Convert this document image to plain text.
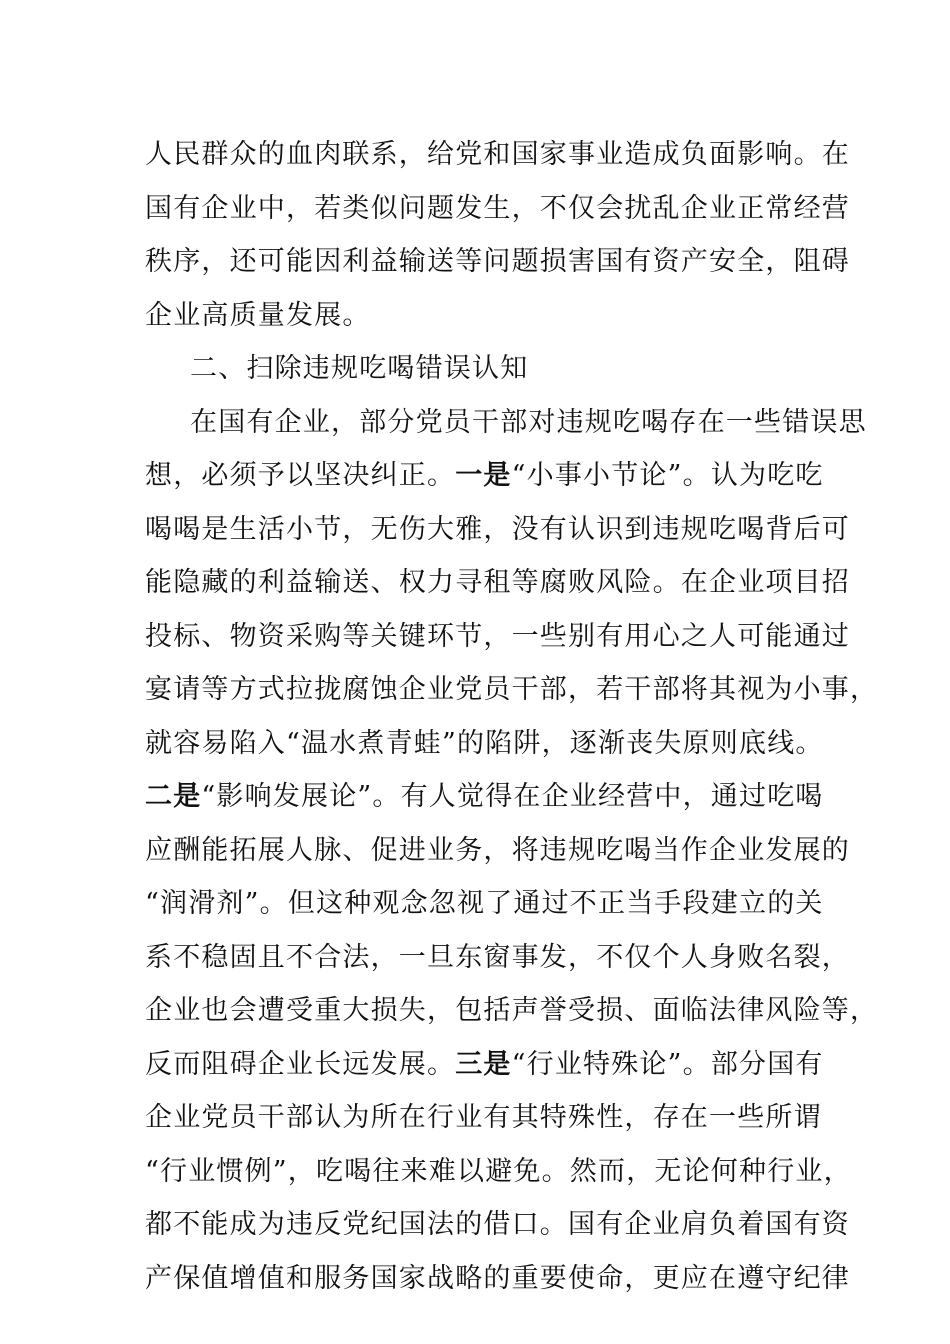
人民群众的血肉联系，给党和国家事业造成负面影响。在
国有企业中，若类似问题发生，不仅会扰乱企业正常经营
秩序，还可能因利益输送等问题损害国有资产安全，阻碍
企业高质量发展。
二、扫除违规吃喝错误认知
在国有企业，部分党员干部对违规吃喝存在一些错误思
想，必须予以坚决纠正。一是“小事小节论”。认为吃吃
喝喝是生活小节，无伤大雅，没有认识到违规吃喝背后可
能隐藏的利益输送、权力寻租等腐败风险。在企业项目招
投标、物资采购等关键环节，一些别有用心之人可能通过
宴请等方式拉拢腐蚀企业党员干部，若干部将其视为小事，
就容易陷入“温水煮青蛙”的陷阱，逐渐丧失原则底线。
二是“影响发展论”。有人觉得在企业经营中，通过吃喝
应酬能拓展人脉、促进业务，将违规吃喝当作企业发展的
“润滑剂”。但这种观念忽视了通过不正当手段建立的关
系不稳固且不合法，一旦东窗事发，不仅个人身败名裂，
企业也会遭受重大损失，包括声誉受损、面临法律风险等，
反而阻碍企业长远发展。三是“行业特殊论”。部分国有
企业党员干部认为所在行业有其特殊性，存在一些所谓
“行业惯例”，吃喝往来难以避免。然而，无论何种行业，
都不能成为违反党纪国法的借口。国有企业肩负着国有资
产保值增值和服务国家战略的重要使命，更应在遵守纪律
